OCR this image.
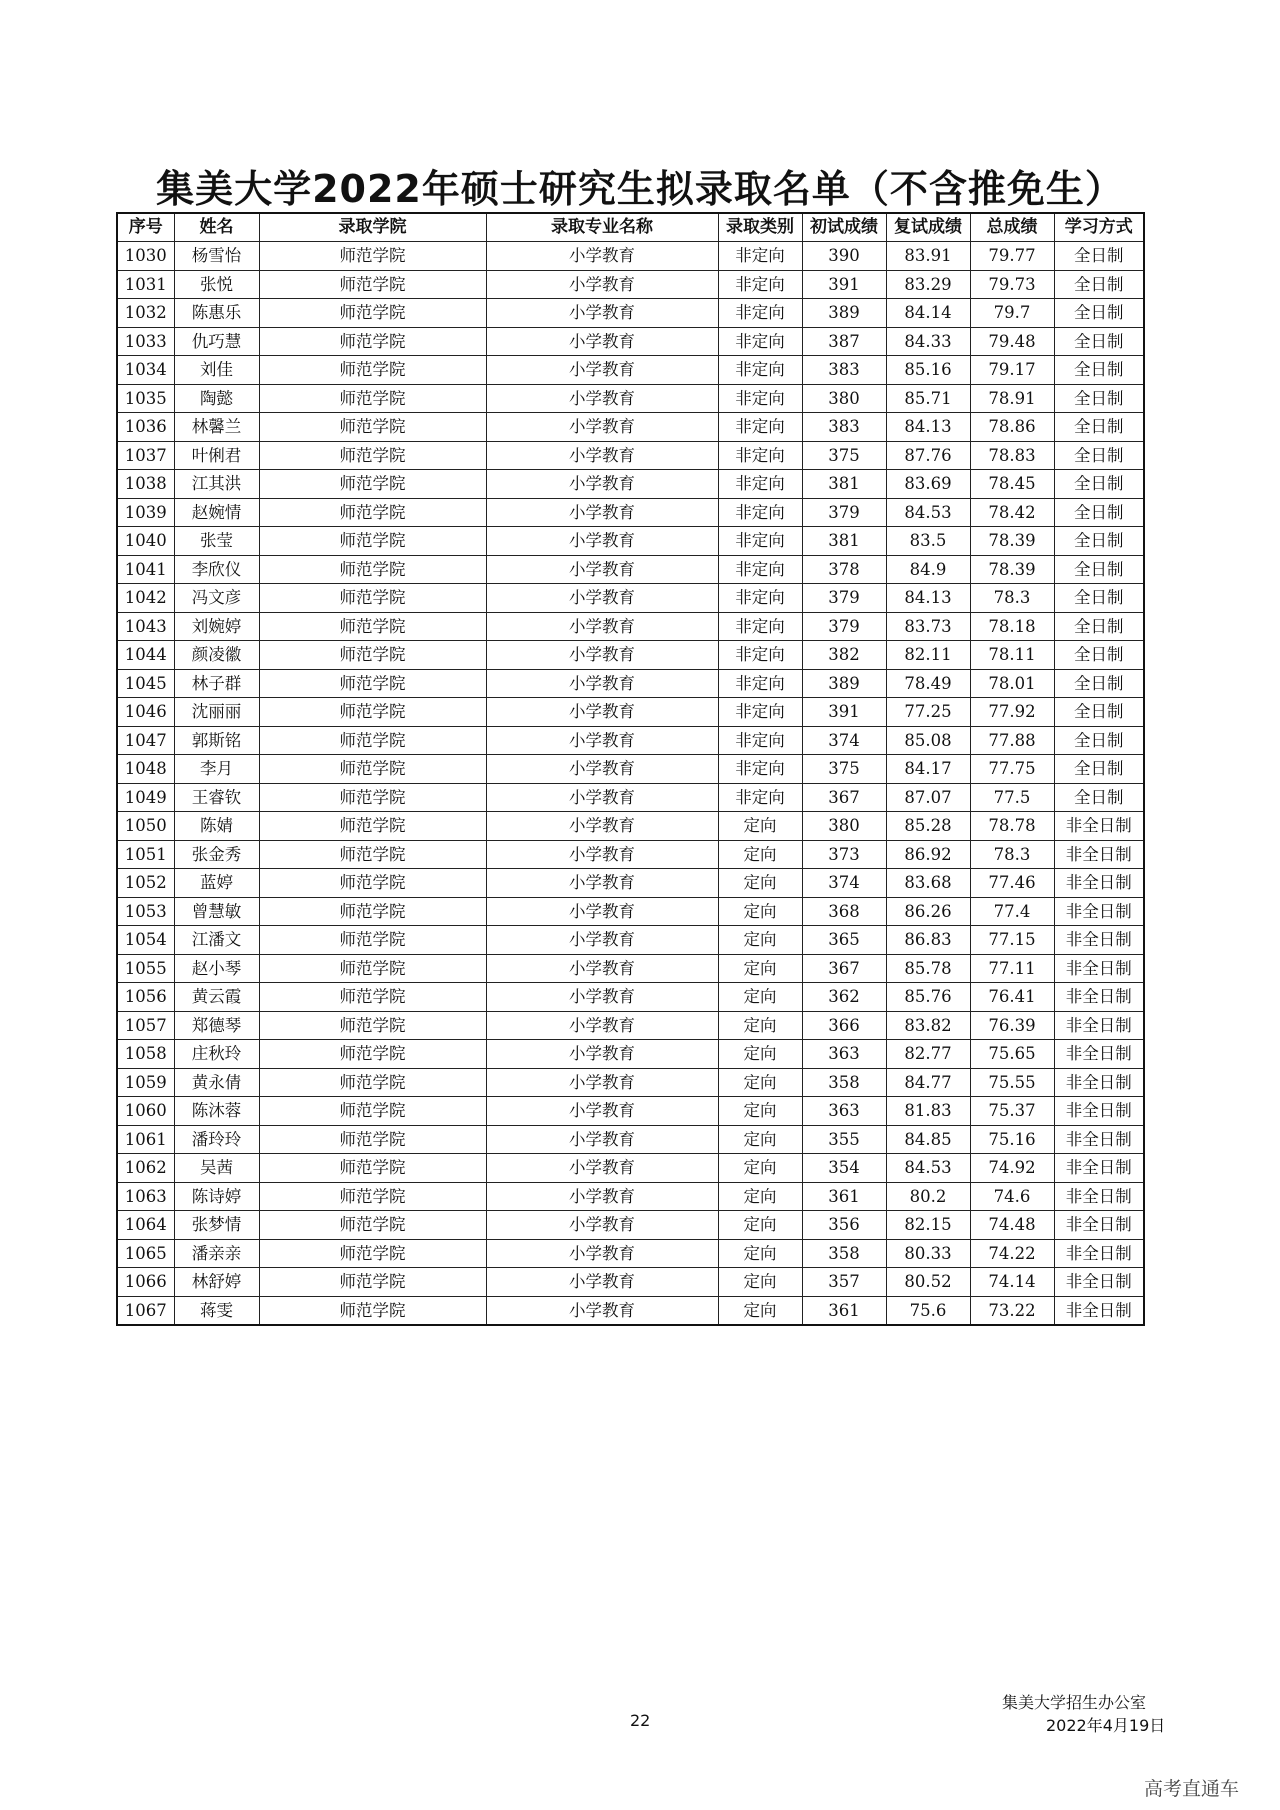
集美大学2022年硕士研究生拟录取名单（不含推免生）
序号	姓名	录取学院	录取专业名称	录取类别	初试成绩	复试成绩	总成绩	学习方式
1030	杨雪怡	师范学院	小学教育	非定向	390	83.91	79.77	全日制
1031	张悦	师范学院	小学教育	非定向	391	83.29	79.73	全日制
1032	陈惠乐	师范学院	小学教育	非定向	389	84.14	79.7	全日制
1033	仇巧慧	师范学院	小学教育	非定向	387	84.33	79.48	全日制
1034	刘佳	师范学院	小学教育	非定向	383	85.16	79.17	全日制
1035	陶懿	师范学院	小学教育	非定向	380	85.71	78.91	全日制
1036	林馨兰	师范学院	小学教育	非定向	383	84.13	78.86	全日制
1037	叶俐君	师范学院	小学教育	非定向	375	87.76	78.83	全日制
1038	江其洪	师范学院	小学教育	非定向	381	83.69	78.45	全日制
1039	赵婉情	师范学院	小学教育	非定向	379	84.53	78.42	全日制
1040	张莹	师范学院	小学教育	非定向	381	83.5	78.39	全日制
1041	李欣仪	师范学院	小学教育	非定向	378	84.9	78.39	全日制
1042	冯文彦	师范学院	小学教育	非定向	379	84.13	78.3	全日制
1043	刘婉婷	师范学院	小学教育	非定向	379	83.73	78.18	全日制
1044	颜凌徽	师范学院	小学教育	非定向	382	82.11	78.11	全日制
1045	林子群	师范学院	小学教育	非定向	389	78.49	78.01	全日制
1046	沈丽丽	师范学院	小学教育	非定向	391	77.25	77.92	全日制
1047	郭斯铭	师范学院	小学教育	非定向	374	85.08	77.88	全日制
1048	李月	师范学院	小学教育	非定向	375	84.17	77.75	全日制
1049	王睿钦	师范学院	小学教育	非定向	367	87.07	77.5	全日制
1050	陈婧	师范学院	小学教育	定向	380	85.28	78.78	非全日制
1051	张金秀	师范学院	小学教育	定向	373	86.92	78.3	非全日制
1052	蓝婷	师范学院	小学教育	定向	374	83.68	77.46	非全日制
1053	曾慧敏	师范学院	小学教育	定向	368	86.26	77.4	非全日制
1054	江潘文	师范学院	小学教育	定向	365	86.83	77.15	非全日制
1055	赵小琴	师范学院	小学教育	定向	367	85.78	77.11	非全日制
1056	黄云霞	师范学院	小学教育	定向	362	85.76	76.41	非全日制
1057	郑德琴	师范学院	小学教育	定向	366	83.82	76.39	非全日制
1058	庄秋玲	师范学院	小学教育	定向	363	82.77	75.65	非全日制
1059	黄永倩	师范学院	小学教育	定向	358	84.77	75.55	非全日制
1060	陈沐蓉	师范学院	小学教育	定向	363	81.83	75.37	非全日制
1061	潘玲玲	师范学院	小学教育	定向	355	84.85	75.16	非全日制
1062	吴茜	师范学院	小学教育	定向	354	84.53	74.92	非全日制
1063	陈诗婷	师范学院	小学教育	定向	361	80.2	74.6	非全日制
1064	张梦情	师范学院	小学教育	定向	356	82.15	74.48	非全日制
1065	潘亲亲	师范学院	小学教育	定向	358	80.33	74.22	非全日制
1066	林舒婷	师范学院	小学教育	定向	357	80.52	74.14	非全日制
1067	蒋雯	师范学院	小学教育	定向	361	75.6	73.22	非全日制
22
集美大学招生办公室
2022年4月19日
高考直通车
